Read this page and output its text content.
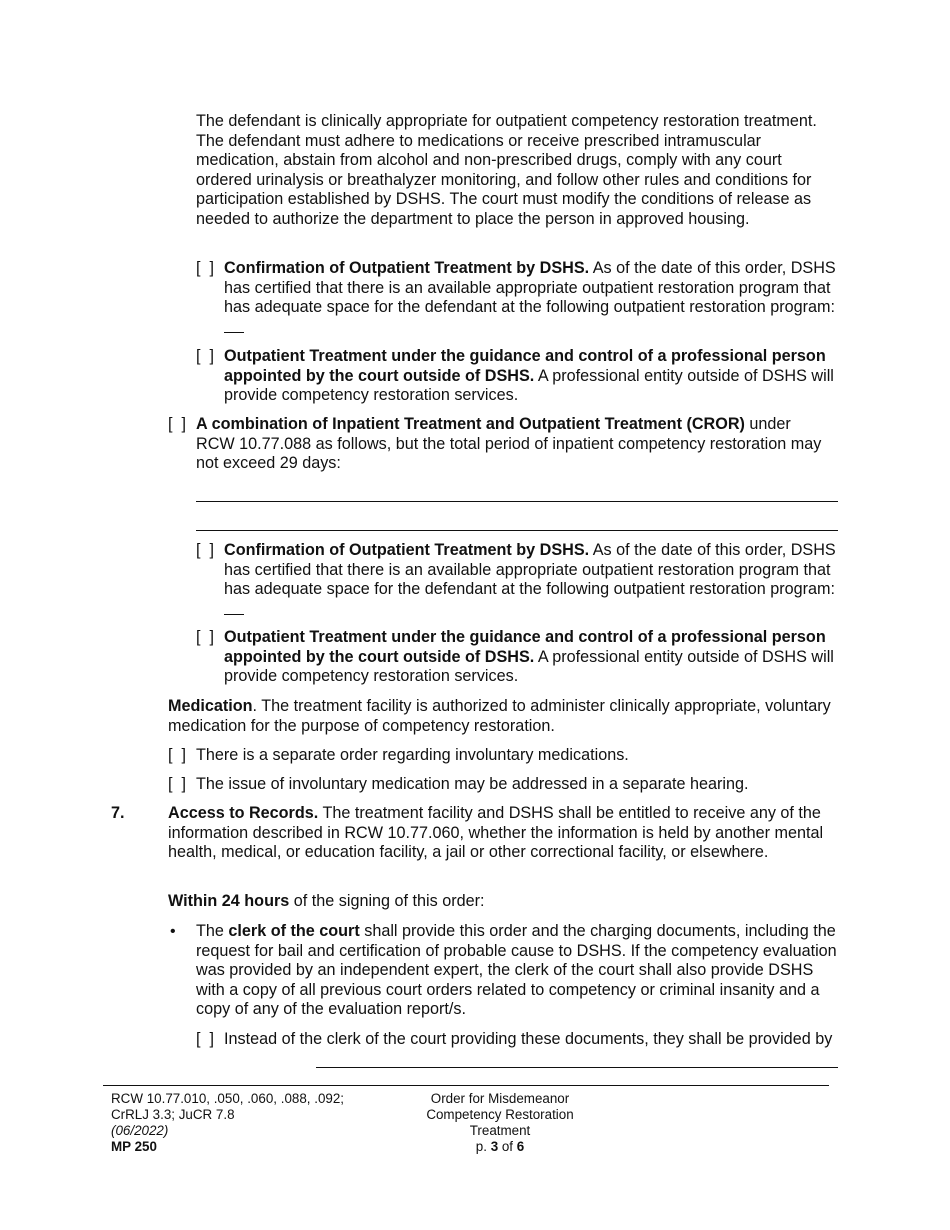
The defendant is clinically appropriate for outpatient competency restoration treatment. The defendant must adhere to medications or receive prescribed intramuscular medication, abstain from alcohol and non-prescribed drugs, comply with any court ordered urinalysis or breathalyzer monitoring, and follow other rules and conditions for participation established by DSHS. The court must modify the conditions of release as needed to authorize the department to place the person in approved housing.
[  ] Confirmation of Outpatient Treatment by DSHS. As of the date of this order, DSHS has certified that there is an available appropriate outpatient restoration program that has adequate space for the defendant at the following outpatient restoration program:
[  ] Outpatient Treatment under the guidance and control of a professional person appointed by the court outside of DSHS. A professional entity outside of DSHS will provide competency restoration services.
[  ] A combination of Inpatient Treatment and Outpatient Treatment (CROR) under RCW 10.77.088 as follows, but the total period of inpatient competency restoration may not exceed 29 days:
[  ] Confirmation of Outpatient Treatment by DSHS. As of the date of this order, DSHS has certified that there is an available appropriate outpatient restoration program that has adequate space for the defendant at the following outpatient restoration program:
[  ] Outpatient Treatment under the guidance and control of a professional person appointed by the court outside of DSHS. A professional entity outside of DSHS will provide competency restoration services.
Medication. The treatment facility is authorized to administer clinically appropriate, voluntary medication for the purpose of competency restoration.
[  ] There is a separate order regarding involuntary medications.
[  ] The issue of involuntary medication may be addressed in a separate hearing.
7.	Access to Records. The treatment facility and DSHS shall be entitled to receive any of the information described in RCW 10.77.060, whether the information is held by another mental health, medical, or education facility, a jail or other correctional facility, or elsewhere.
Within 24 hours of the signing of this order:
• The clerk of the court shall provide this order and the charging documents, including the request for bail and certification of probable cause to DSHS. If the competency evaluation was provided by an independent expert, the clerk of the court shall also provide DSHS with a copy of all previous court orders related to competency or criminal insanity and a copy of any of the evaluation report/s.
[  ] Instead of the clerk of the court providing these documents, they shall be provided by
RCW 10.77.010, .050, .060, .088, .092;
CrRLJ 3.3; JuCR 7.8
(06/2022)
MP 250
Order for Misdemeanor
Competency Restoration
Treatment
p. 3 of 6
